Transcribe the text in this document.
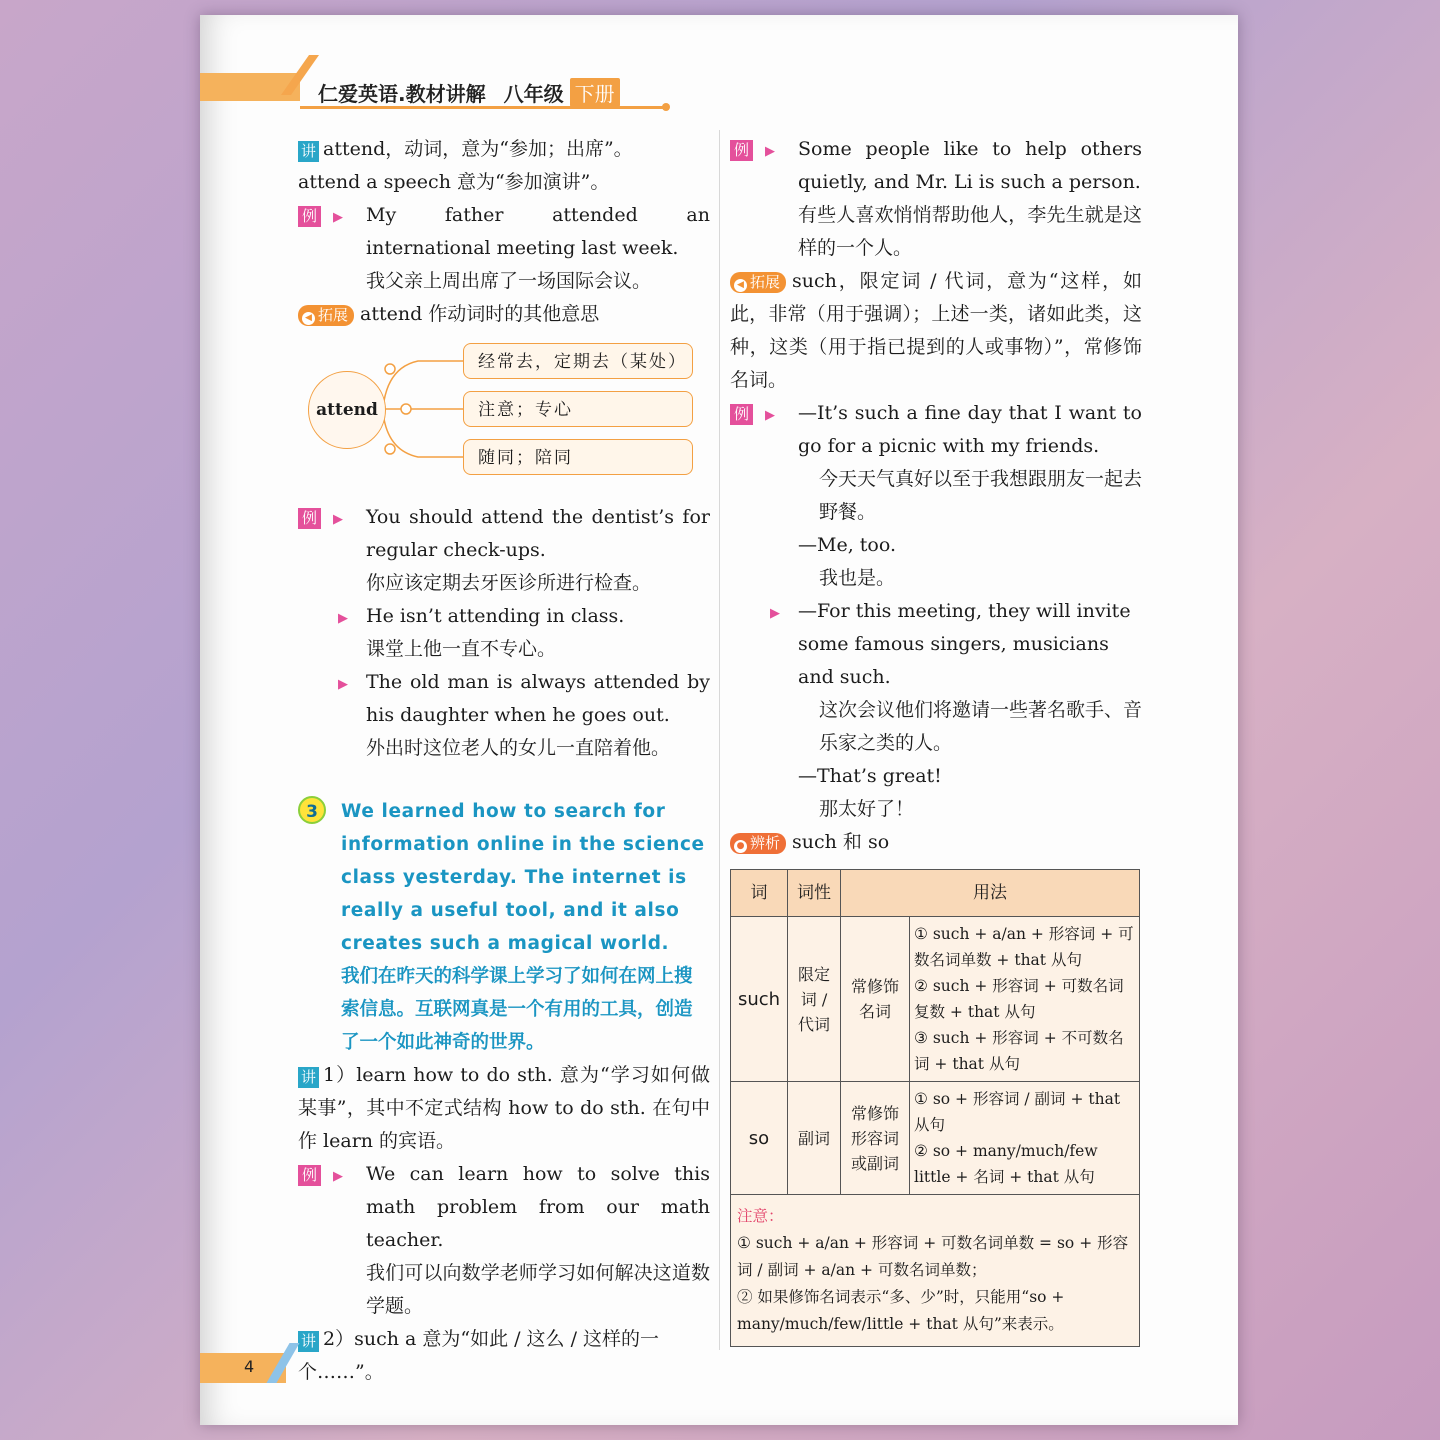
仁爱英语.教材讲解 八年级 下册

讲 attend，动词，意为“参加；出席”。

attend a speech 意为“参加演讲”。

例 ▶	My father attended an international meeting last week.
我父亲上周出席了一场国际会议。

◀ 拓展 attend 作动词时的其他意思

attend
经常去，定期去（某处）
注意；专心
随同；陪同
例 ▶	You should attend the dentist’s for regular check-ups.
你应该定期去牙医诊所进行检查。
▶ He isn’t attending in class.
课堂上他一直不专心。
▶ The old man is always attended by his daughter when he goes out.
外出时这位老人的女儿一直陪着他。
3	We learned how to search for information online in the science class yesterday. The internet is really a useful tool, and it also creates such a magical world.
我们在昨天的科学课上学习了如何在网上搜索信息。互联网真是一个有用的工具，创造了一个如此神奇的世界。

讲 1）learn how to do sth. 意为“学习如何做某事”，其中不定式结构 how to do sth. 在句中作 learn 的宾语。

例 ▶	We can learn how to solve this math problem from our math teacher.
我们可以向数学老师学习如何解决这道数学题。

讲 2）such a 意为“如此 / 这么 / 这样的一个……”。

例 ▶	Some people like to help others quietly, and Mr. Li is such a person.
有些人喜欢悄悄帮助他人，李先生就是这样的一个人。

◀ 拓展 such，限定词 / 代词，意为“这样，如此，非常（用于强调）；上述一类，诸如此类，这种，这类（用于指已提到的人或事物）”，常修饰名词。

例 ▶	—It’s such a fine day that I want to go for a picnic with my friends.
今天天气真好以至于我想跟朋友一起去野餐。
—Me, too.
我也是。
▶ —For this meeting, they will invite some famous singers, musicians and such.
这次会议他们将邀请一些著名歌手、音乐家之类的人。
—That’s great!
那太好了！

● 辨析 such 和 so

词	词性	用法	
such	限定词 / 代词	常修饰名词	① such + a/an + 形容词 + 可数名词单数 + that 从句
② such + 形容词 + 可数名词复数 + that 从句
③ such + 形容词 + 不可数名词 + that 从句

so	副词	常修饰形容词或副词	① so + 形容词 / 副词 + that 从句
② so + many/much/few little + 名词 + that 从句

注意：
① such + a/an + 形容词 + 可数名词单数 = so + 形容词 / 副词 + a/an + 可数名词单数；
② 如果修饰名词表示“多、少”时，只能用“so + many/much/few/little + that 从句”来表示。			
4
